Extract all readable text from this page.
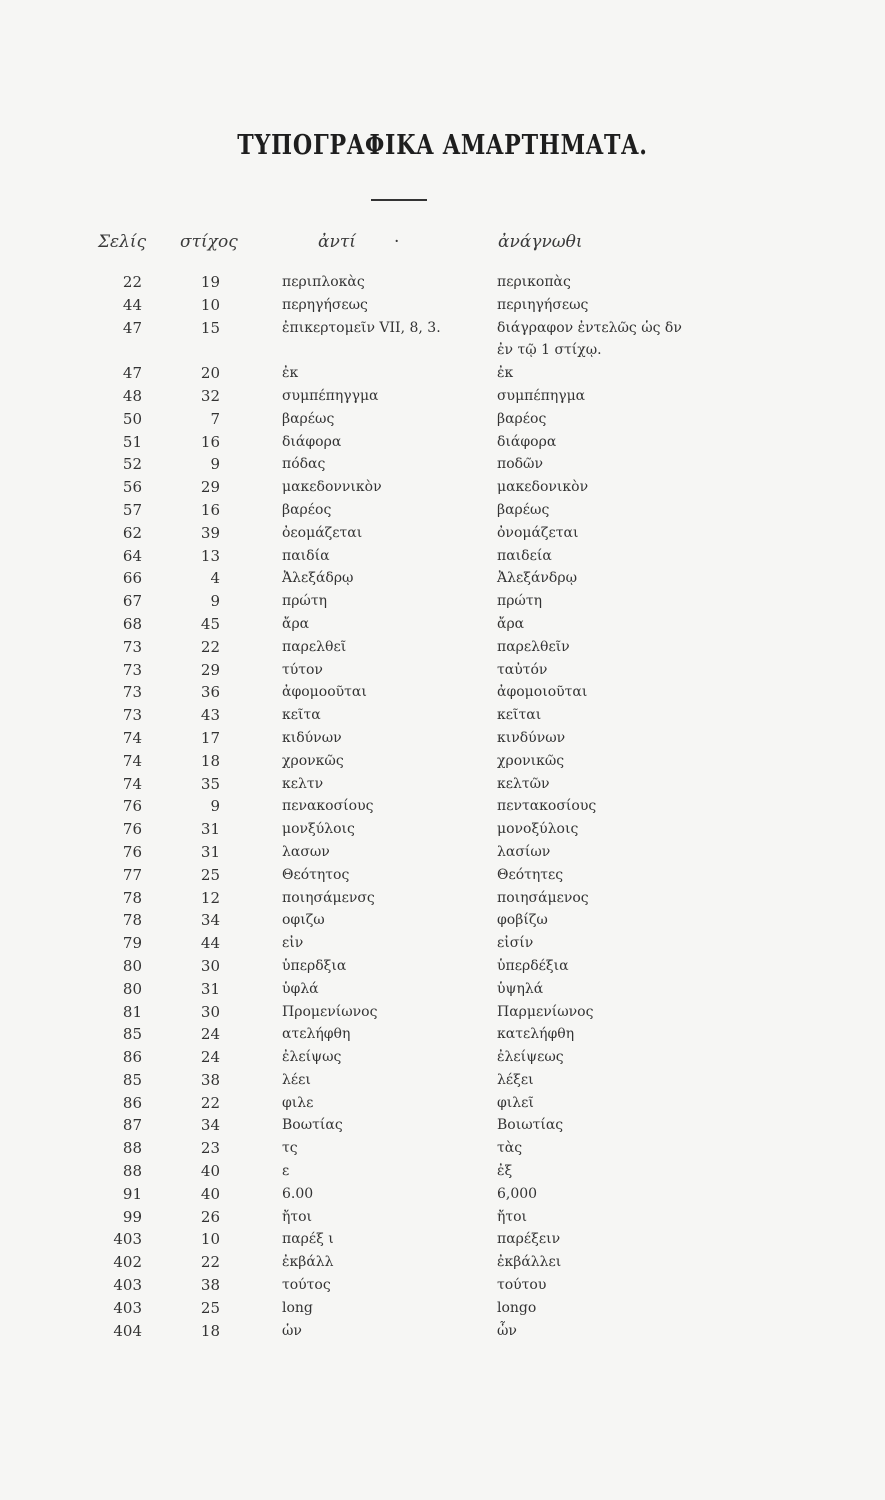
ΤΥΠΟΓΡΑΦΙΚΑ ΑΜΑΡΤΗΜΑΤΑ.
Σελίς στίχος	ἀντί ·	ἀνάγνωθι
22	19	περιπλοκὰς	περικοπὰς
44	10	περηγήσεως	περιηγήσεως
47	15	ἐπικερτομεῖν VII, 8, 3.	διάγραφον ἐντελῶς ὡς δν
ἐν τῷ 1 στίχῳ.
47	20	ἐκ	ἐκ
48	32	συμπέπηγγμα	συμπέπηγμα
50	7	βαρέως	βαρέος
51	16	διάφορα	διάφορα
52	9	πόδας	ποδῶν
56	29	μακεδοννικὸν	μακεδονικὸν
57	16	βαρέος	βαρέως
62	39	ὀεομάζεται	ὀνομάζεται
64	13	παιδία	παιδεία
66	4	Ἀλεξάδρῳ	Ἀλεξάνδρῳ
67	9	πρώτη	πρώτη
68	45	ἄρα	ἄρα
73	22	παρελθεῖ	παρελθεῖν
73	29	τύτον	ταὐτόν
73	36	ἀφομοοῦται	ἀφομοιοῦται
73	43	κεῖτα	κεῖται
74	17	κιδύνων	κινδύνων
74	18	χρονκῶς	χρονικῶς
74	35	κελτν	κελτῶν
76	9	πενακοσίους	πεντακοσίους
76	31	μονξύλοις	μονοξύλοις
76	31	λασων	λασίων
77	25	Θεότητος	Θεότητες
78	12	ποιησάμενσς	ποιησάμενος
78	34	οφιζω	φοβίζω
79	44	εἰν	εἰσίν
80	30	ὑπερδξια	ὑπερδέξια
80	31	ὑφλά	ὑψηλά
81	30	Προμενίωνος	Παρμενίωνος
85	24	ατελήφθη	κατελήφθη
86	24	ἐλείψως	ἐλείψεως
85	38	λέει	λέξει
86	22	φιλε	φιλεῖ
87	34	Βοωτίας	Βοιωτίας
88	23	τς	τὰς
88	40	ε	ἐξ
91	40	6.00	6,000
99	26	ἤτοι	ἤτοι
403	10	παρέξ ι	παρέξειν
402	22	ἐκβάλλ	ἐκβάλλει
403	38	τούτος	τούτου
403	25	long	longo
404	18	ὡν	ὧν
